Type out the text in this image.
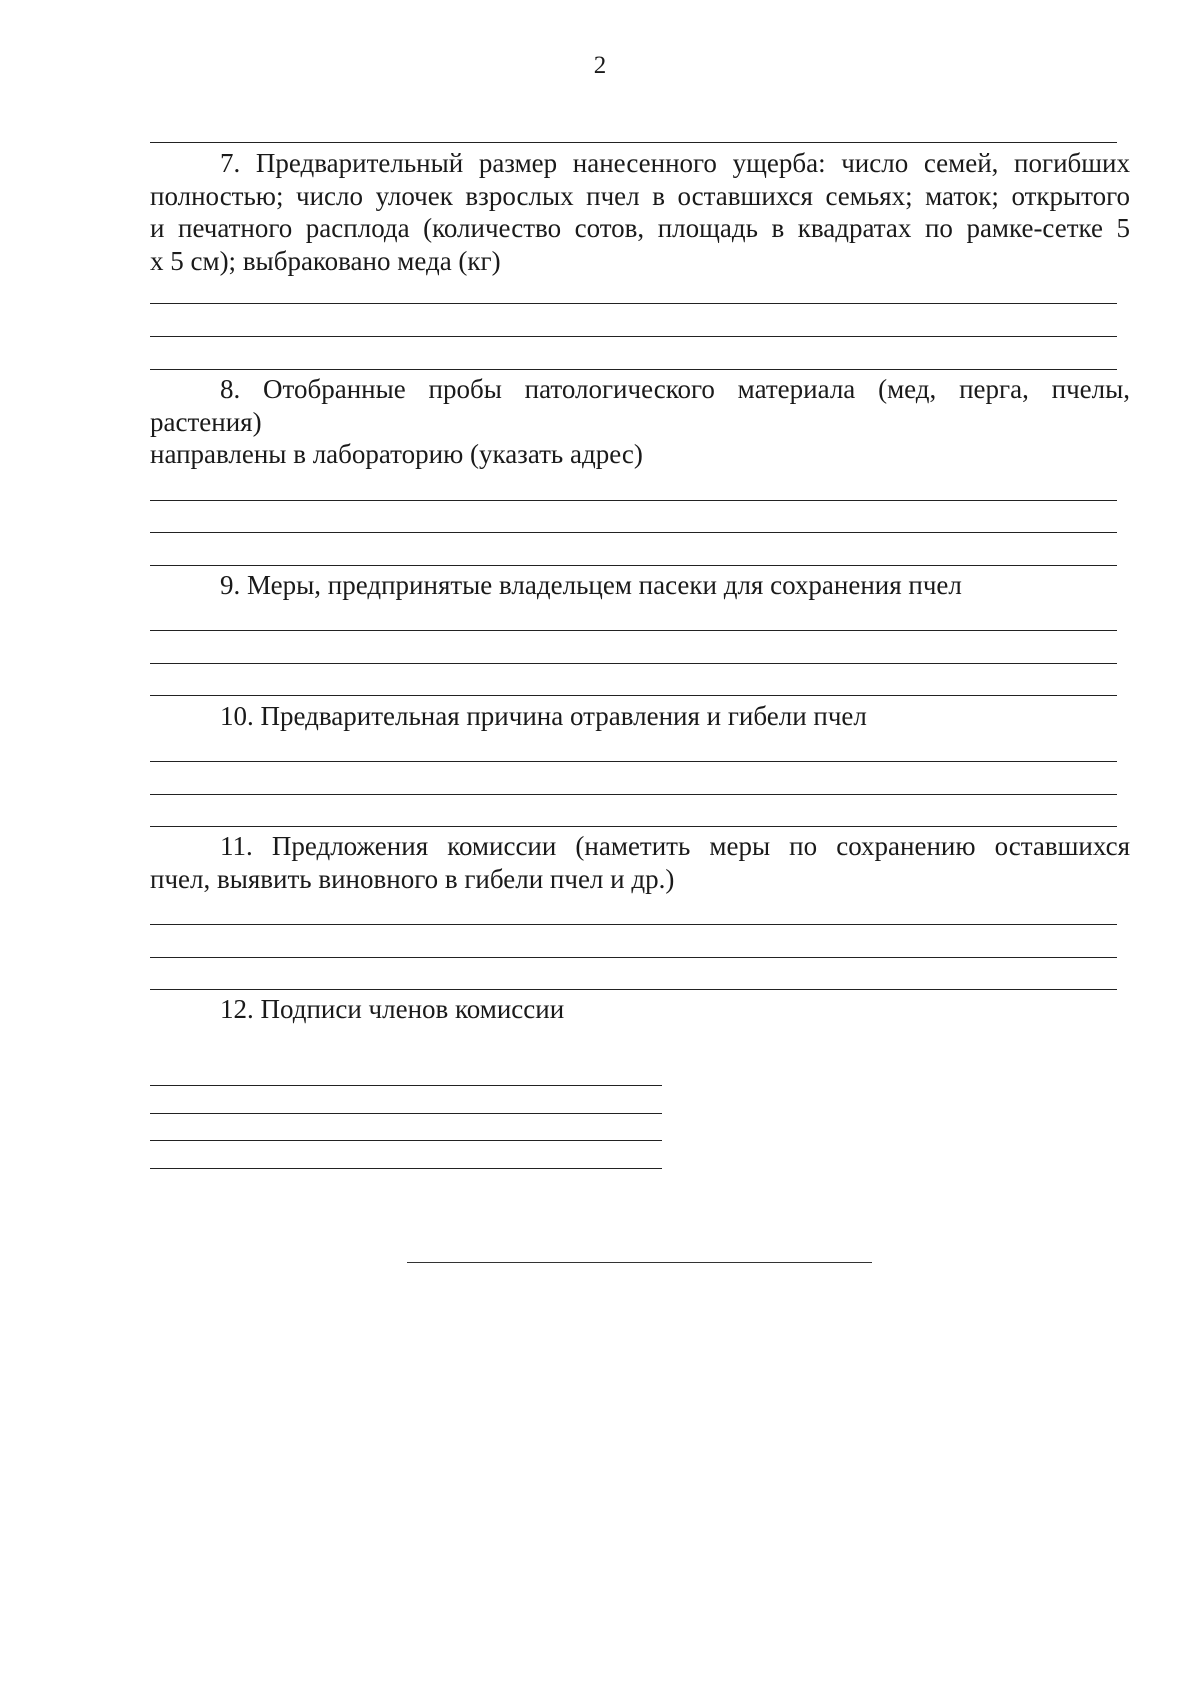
2
7. Предварительный размер нанесенного ущерба: число семей, погибших
полностью; число улочек взрослых пчел в оставшихся семьях; маток; открытого
и печатного расплода (количество сотов, площадь в квадратах по рамке-сетке 5
х 5 см); выбраковано меда (кг)
8. Отобранные пробы патологического материала (мед, перга, пчелы,
растения)
направлены в лабораторию (указать адрес)
9. Меры, предпринятые владельцем пасеки для сохранения пчел
10. Предварительная причина отравления и гибели пчел
11. Предложения комиссии (наметить меры по сохранению оставшихся
пчел, выявить виновного в гибели пчел и др.)
12. Подписи членов комиссии
